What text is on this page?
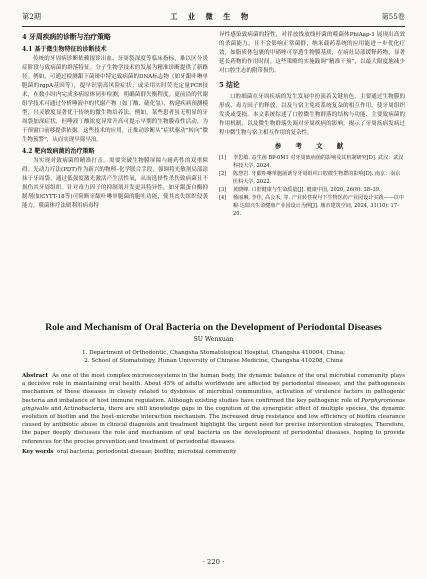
第2期	工 业 微 生 物	第55卷
4 牙周疾病的诊断与治疗策略
4.1 基于微生物特征的诊断技术

传统的牙周病诊断依赖探诊出血、牙周袋深度等临床指标，难以区分炎症阶段与致病菌的群落特征。分子生物学技术的发展为精准诊断提供了新路径。例如，可通过检测龈下菌斑中特定致病菌的DNA标志物（如牙龈卟啉单胞菌的rgpA基因等），提早识别高风险症状；或采用实时荧光定量PCR技术，在数小时内完成多病原体同步检测，明确菌群失衡程度。更前沿的代谢组学技术可通过分析唾液中的代谢产物（如丁酸、硫化氢），构建疾病预测模型，且灵敏度显著优于传统的微生物培养法。例如，某些患者虽无明显的牙周袋加深症状，但唾液丁酸浓度异常升高可提示早期的生物膜毒性活动，为干预窗口前移提供依据。这些技术的应用，正推动诊断从“症状驱动”转向“微生物预警”，从而实现早筛早治。

4.2 靶向致病菌的治疗策略

为实现对致病菌的精准打击，需要突破生物膜屏障与耐药性的双重障碍。光动力疗法(PDT)作为新兴的物理–化学联合手段，强调将光敏剂局部涂抹于牙周袋，通过低强度激光激活产生活性氧，从而选择性杀伤致病菌且不损伤其牙周组织。针对毒力因子的抑制剂开发更具特异性，如牙龈蛋白酶抑制剂(如CYTT-18等)可阻断牙龈卟啉单胞菌的胞吐功能，使其丧失组织侵袭能力。噬菌体疗法则利用病毒特

异性感染致病菌的特性，对伴放线放线杆菌的噬菌体PhiAap-1 展现出高效的杀菌能力，且不会影响正常菌群，纳米载药系统的应用能进一步优化疗效，如脂质体包裹的甲硝唑可穿透生物膜基质，在病灶局部缓释药物，显著延长药物的作用时间。这些策略的实施践调“精准干预”，以最大限度地减少对口腔生态的附带损伤。

5 结论

口腔细菌在牙周疾病的发生发展中扮演着关键角色，主要通过生物膜的形成、毒力因子的释放，以及与宿主免疫系统复杂的相互作用，使牙周组织发炎或受损。本文系统综述了口腔微生物群落的结构与功能、主要致病菌的作用机制，以及微生物群落失调对牙周疾病的影响，揭示了牙周疾病发病过程中微生物与宿主相互作用的复杂性。

参 考 文 献
[1]	李思敏. 益生菌 BP-0M1 对牙周致病菌的影响及其机制研究[D]. 武汉：武汉科技大学, 2024.
[2]	陈慧岩. 牙龈卟啉单胞菌诱导牙周组织口腔微生物群的影响[D]. 南京：南京医科大学, 2022.
[3]	黄晓峰. 口腔健康与生命质量[J]. 健康中国, 2020, 26(6): 38–39.
[4]	杨丽琳, 李佳, 高会禾, 等. 产业转性视句下生物医药产业园设计实践——以中粮·达瑞兴生命健康产业园设计为例[J]. 城市建筑空间, 2024, 31(10): 17–20.
Role and Mechanism of Oral Bacteria on the Development of Periodontal Diseases
SU Wenxuan
1. Department of Orthodontic, Changsha Stomatological Hospital, Changsha 410004, China;
2. School of Stomatology, Hunan University of Chinese Medicine, Changsha 410208, China

Abstract As one of the most complex microecosystems in the human body, the dynamic balance of the oral microbial community plays a decisive role in maintaining oral health. About 45% of adults worldwide are affected by periodontal diseases, and the pathogenesis mechanism of these diseases in closely related to dysbiosis of microbial communities, activation of virulence factors in pathogenic bacteria and imbalance of host immune regulation. Although existing studies have confirmed the key pathogenic role of Porphyromonas gingivalis and Actinobacteria, there are still knowledge gaps in the cognition of the synergistic effect of multiple species, the dynamic evolution of biofilm and the host–microbe interaction mechanism. The increased drug resistance and low efficiency of biofilm clearance caused by antibiotic abuse in clinical diagnosis and treatment highlight the urgent need for precise intervention strategies. Therefore, the paper deeply discusses the role and mechanism of oral bacteria on the development of periodontal diseases, hoping to provide references for the precise prevention and treatment of periodontal diseases.

Key words oral bacteria; periodontal disease; biofilm; microbial community
· 220 ·
